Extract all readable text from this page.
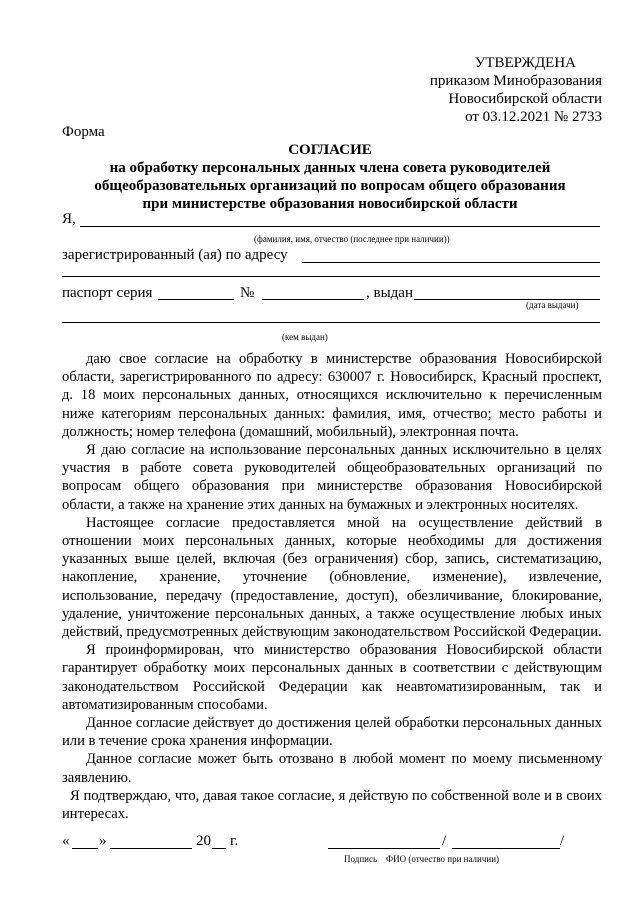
УТВЕРЖДЕНА
приказом Минобразования
Новосибирской области
от 03.12.2021 № 2733
Форма
СОГЛАСИЕ
на обработку персональных данных члена совета руководителей
общеобразовательных организаций по вопросам общего образования
при министерстве образования новосибирской области
Я,
(фамилия, имя, отчество (последнее при наличии))
зарегистрированный (ая) по адресу
паспорт серия	№	, выдан
(дата выдачи)
(кем выдан)

даю свое согласие на обработку в министерстве образования Новосибирской области, зарегистрированного по адресу: 630007 г. Новосибирск, Красный проспект, д. 18 моих персональных данных, относящихся исключительно к перечисленным ниже категориям персональных данных: фамилия, имя, отчество; место работы и должность; номер телефона (домашний, мобильный), электронная почта.

Я даю согласие на использование персональных данных исключительно в целях участия в работе совета руководителей общеобразовательных организаций по вопросам общего образования при министерстве образования Новосибирской области, а также на хранение этих данных на бумажных и электронных носителях.

Настоящее согласие предоставляется мной на осуществление действий в отношении моих персональных данных, которые необходимы для достижения указанных выше целей, включая (без ограничения) сбор, запись, систематизацию, накопление, хранение, уточнение (обновление, изменение), извлечение, использование, передачу (предоставление, доступ), обезличивание, блокирование, удаление, уничтожение персональных данных, а также осуществление любых иных действий, предусмотренных действующим законодательством Российской Федерации.

Я проинформирован, что министерство образования Новосибирской области гарантирует обработку моих персональных данных в соответствии с действующим законодательством Российской Федерации как неавтоматизированным, так и автоматизированным способами.

Данное согласие действует до достижения целей обработки персональных данных или в течение срока хранения информации.

Данное согласие может быть отозвано в любой момент по моему письменному заявлению.

Я подтверждаю, что, давая такое согласие, я действую по собственной воле и в своих интересах.

« »	20 г.	/	/
Подпись ФИО (отчество при наличии)
